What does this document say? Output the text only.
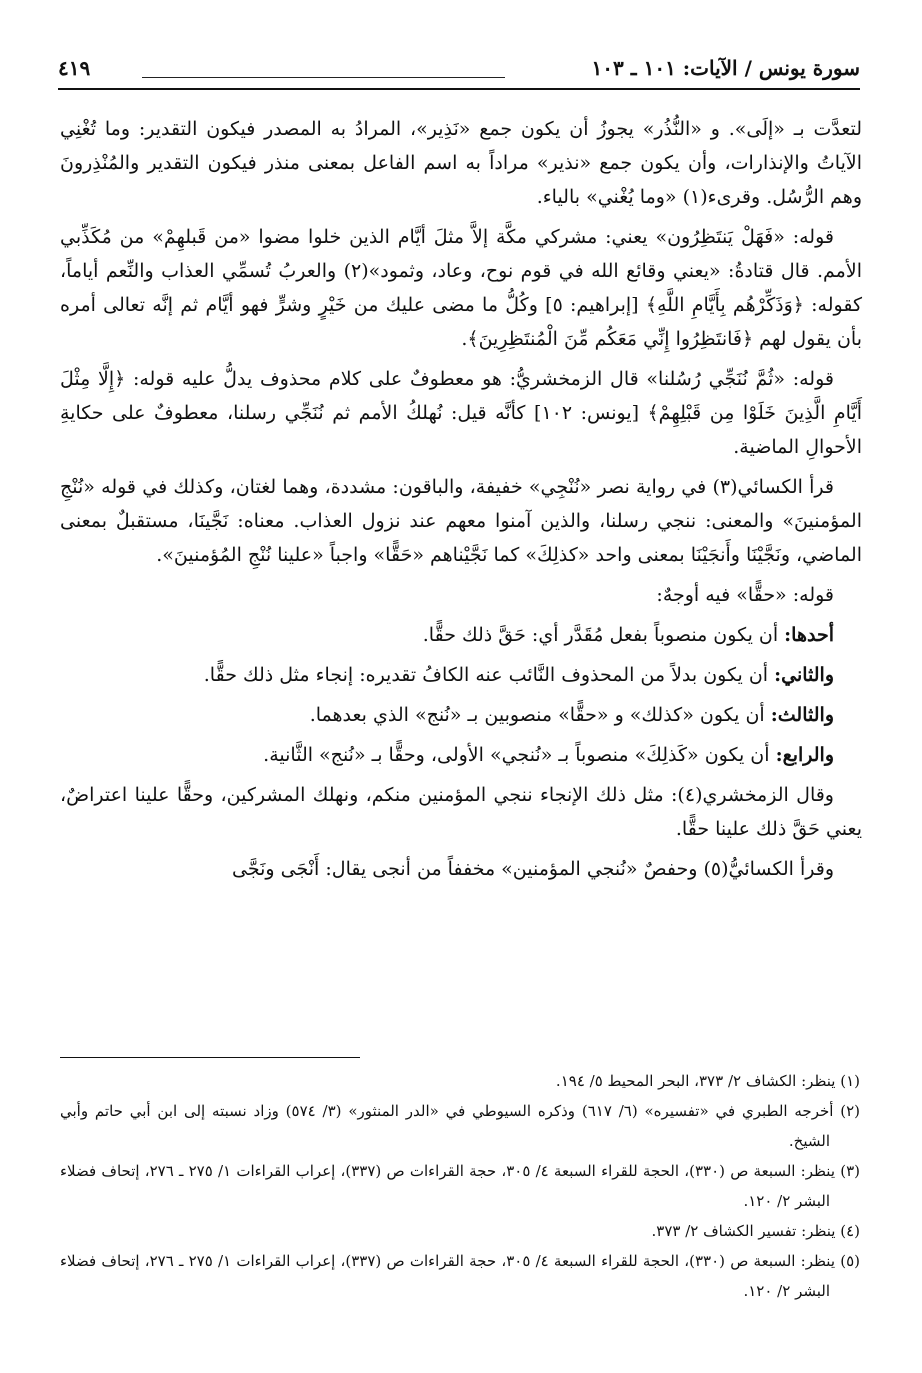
سورة يونس / الآيات: ١٠١ ـ ١٠٣
٤١٩

لتعدَّت بـ «إلَى». و «النُّذُر» يجوزُ أن يكون جمع «نَذِير»، المرادُ به المصدر فيكون التقدير: وما تُغْنِي الآياتُ والإنذارات، وأن يكون جمع «نذير» مراداً به اسم الفاعل بمعنى منذر فيكون التقدير والمُنْذِرونَ وهم الرُّسُل. وقرىء(١) «وما يُغْني» بالياء.

قوله: «فَهَلْ يَنتَظِرُون» يعني: مشركي مكَّة إلاَّ مثلَ أيَّام الذين خلوا مضوا «من قَبلهِمْ» من مُكَذِّبي الأمم. قال قتادةُ: «يعني وقائع الله في قوم نوح، وعاد، وثمود»(٢) والعربُ تُسمِّي العذاب والنِّعم أياماً، كقوله: ﴿وَذَكِّرْهُم بِأَيَّامِ اللَّهِ﴾ [إبراهيم: ٥] وكُلُّ ما مضى عليك من خَيْرٍ وشرٍّ فهو أيَّام ثم إنَّه تعالى أمره بأن يقول لهم ﴿فَانتَظِرُوا إِنِّي مَعَكُم مِّنَ الْمُنتَظِرِينَ﴾.

قوله: «ثُمَّ نُنَجِّي رُسُلنا» قال الزمخشريُّ: هو معطوفٌ على كلام محذوف يدلُّ عليه قوله: ﴿إِلَّا مِثْلَ أَيَّامِ الَّذِينَ خَلَوْا مِن قَبْلِهِمْ﴾ [يونس: ١٠٢] كأنَّه قيل: نُهلكُ الأمم ثم نُنَجِّي رسلنا، معطوفٌ على حكايةِ الأحوالِ الماضية.

قرأ الكسائي(٣) في رواية نصر «نُنْجِي» خفيفة، والباقون: مشددة، وهما لغتان، وكذلك في قوله «نُنْجِ المؤمنينَ» والمعنى: ننجي رسلنا، والذين آمنوا معهم عند نزول العذاب. معناه: نَجَّينَا، مستقبلٌ بمعنى الماضي، ونَجَّيْنَا وأَنجَيْنَا بمعنى واحد «كذلِكَ» كما نَجَّيْناهم «حَقًّا» واجباً «علينا نُنْجِ المُؤمنينَ».

قوله: «حقًّا» فيه أوجهٌ:

أحدها: أن يكون منصوباً بفعل مُقَدَّر أي: حَقَّ ذلك حقًّا.

والثاني: أن يكون بدلاً من المحذوف النَّائب عنه الكافُ تقديره: إنجاء مثل ذلك حقًّا.

والثالث: أن يكون «كذلك» و «حقًّا» منصوبين بـ «نُنج» الذي بعدهما.

والرابع: أن يكون «كَذلِكَ» منصوباً بـ «نُنجي» الأولى، وحقًّا بـ «نُنج» الثَّانية.

وقال الزمخشري(٤): مثل ذلك الإنجاء ننجي المؤمنين منكم، ونهلك المشركين، وحقًّا علينا اعتراضٌ، يعني حَقَّ ذلك علينا حقًّا.

وقرأ الكسائيُّ(٥) وحفصٌ «نُنجي المؤمنين» مخففاً من أنجى يقال: أَنْجَى ونَجَّى

(١) ينظر: الكشاف ٢/ ٣٧٣، البحر المحيط ٥/ ١٩٤.

(٢) أخرجه الطبري في «تفسيره» (٦/ ٦١٧) وذكره السيوطي في «الدر المنثور» (٣/ ٥٧٤) وزاد نسبته إلى ابن أبي حاتم وأبي الشيخ.

(٣) ينظر: السبعة ص (٣٣٠)، الحجة للقراء السبعة ٤/ ٣٠٥، حجة القراءات ص (٣٣٧)، إعراب القراءات ١/ ٢٧٥ ـ ٢٧٦، إتحاف فضلاء البشر ٢/ ١٢٠.

(٤) ينظر: تفسير الكشاف ٢/ ٣٧٣.

(٥) ينظر: السبعة ص (٣٣٠)، الحجة للقراء السبعة ٤/ ٣٠٥، حجة القراءات ص (٣٣٧)، إعراب القراءات ١/ ٢٧٥ ـ ٢٧٦، إتحاف فضلاء البشر ٢/ ١٢٠.
